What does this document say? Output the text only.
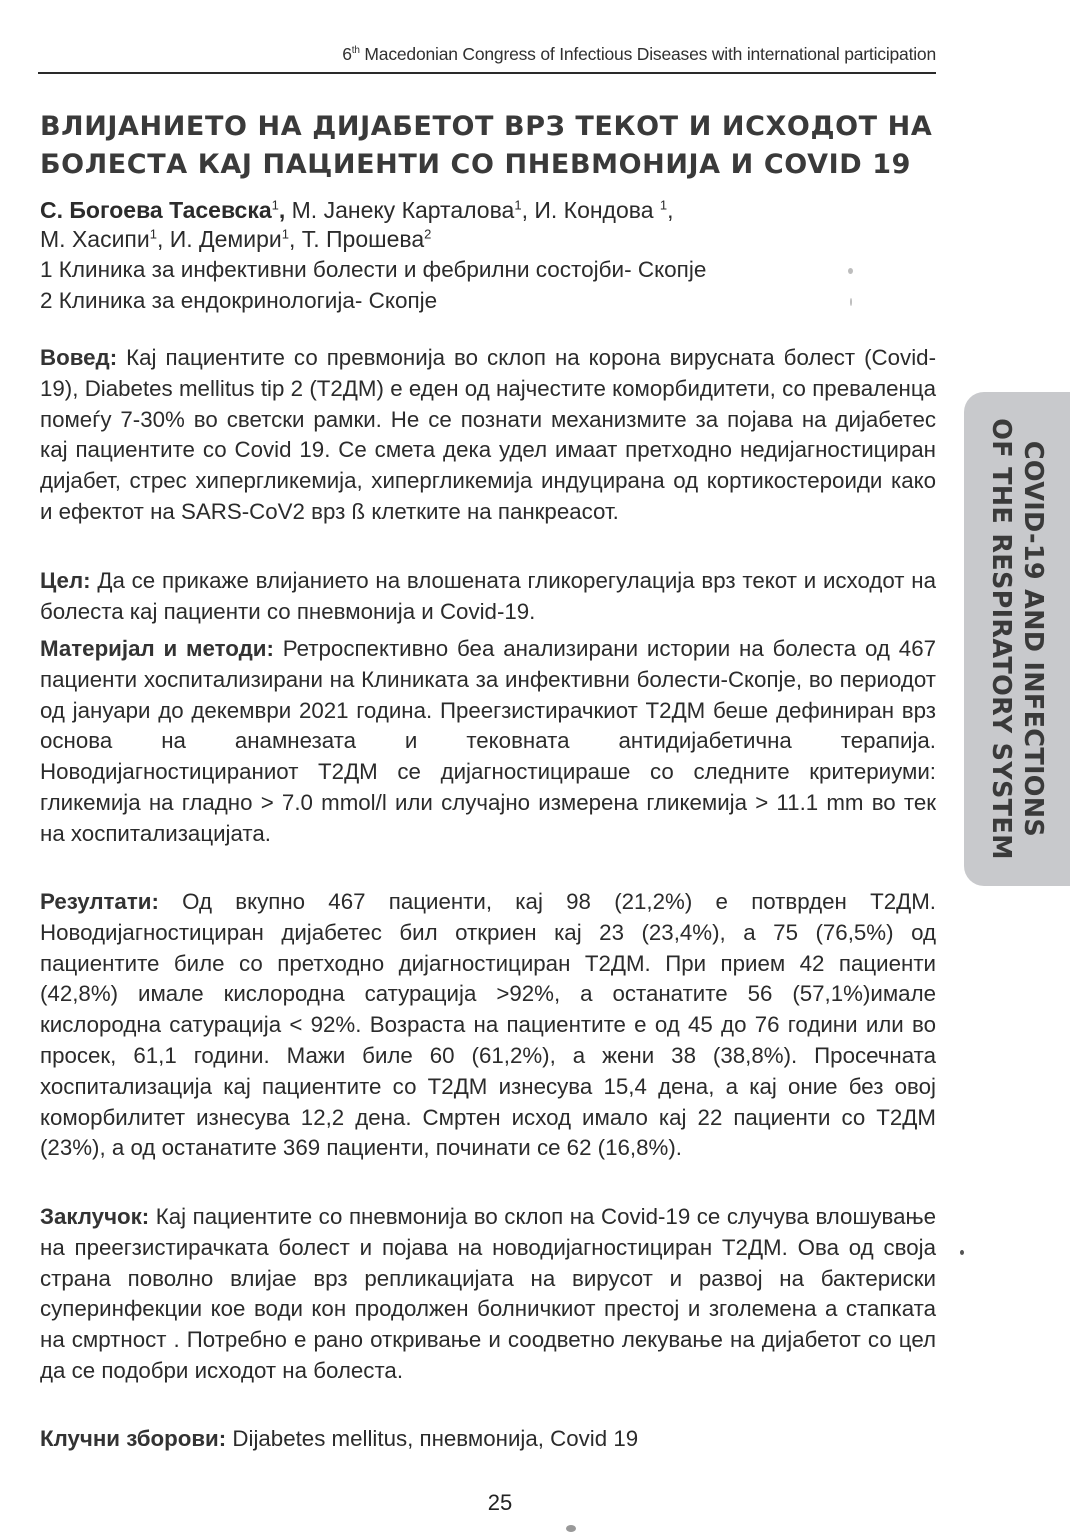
6th Macedonian Congress of Infectious Diseases with international participation
ВЛИЈАНИЕТО НА ДИЈАБЕТОТ ВРЗ ТЕКОТ И ИСХОДОТ НА
БОЛЕСТА КАЈ ПАЦИЕНТИ СО ПНЕВМОНИЈА И COVID 19
С. Богоева Тасевска$^1$, М. Јанеку Карталова$^1$, И. Кондова $^1$,
М. Хасипи$^1$, И. Демири$^1$, Т. Прошева$^2$
1 Клиника за инфективни болести и фебрилни состојби- Скопје
2 Клиника за ендокринологија- Скопје

Вовед: Кај пациентите со превмонија во склоп на корона вирусната болест (Covid-19), Diabetes mellitus tip 2 (Т2ДМ) е еден од најчестите коморбидитети, со преваленца помеѓу 7-30% во светски рамки. Не се познати механизмите за појава на дијабетес кај пациентите со Covid 19. Се смета дека удел имаат претходно недијагностициран дијабет, стрес хипергликемија, хипергликемија индуцирана од кортикостероиди како и ефектот на SARS-CoV2 врз ß клетките на панкреасот.

Цел: Да се прикаже влијанието на влошената гликорегулација врз текот и исходот на болеста кај пациенти со пневмонија и Covid-19.

Материјал и методи: Ретроспективно беа анализирани истории на болеста од 467 пациенти хоспитализирани на Клиниката за инфективни болести-Скопје, во периодот од јануари до декември 2021 година. Преегзистирачкиот Т2ДМ беше дефиниран врз основа на анамнезата и тековната антидијабетична терапија. Новодијагностицираниот Т2ДМ се дијагностицираше со следните критериуми: гликемија на гладно > 7.0 mmol/l или случајно измерена гликемија > 11.1 mm во тек на хоспитализацијата.

Резултати: Од вкупно 467 пациенти, кај 98 (21,2%) е потврден Т2ДМ. Новодијагностициран дијабетес бил откриен кај 23 (23,4%), а 75 (76,5%) од пациентите биле со претходно дијагностициран Т2ДМ. При прием 42 пациенти (42,8%) имале кислородна сатурација >92%, а останатите 56 (57,1%)имале кислородна сатурација < 92%. Возраста на пациентите е од 45 до 76 години или во просек, 61,1 години. Мажи биле 60 (61,2%), а жени 38 (38,8%). Просечната хоспитализација кај пациентите со Т2ДМ изнесува 15,4 дена, а кај оние без овој коморбилитет изнесува 12,2 дена. Смртен исход имало кај 22 пациенти со Т2ДМ (23%), а од останатите 369 пациенти, починати се 62 (16,8%).

Заклучок: Кај пациентите со пневмонија во склоп на Covid-19 се случува влошување на преегзистирачката болест и појава на новодијагностициран Т2ДМ. Ова од своја страна поволно влијае врз репликацијата на вирусот и развој на бактериски суперинфекции кое води кон продолжен болничкиот престој и зголемена а стапката на смртност . Потребно е рано откривање и соодветно лекување на дијабетот со цел да се подобри исходот на болеста.

Клучни зборови: Dijabetes mellitus, пневмонија, Covid 19

COVID-19 AND INFECTIONS
OF THE RESPIRATORY SYSTEM
25
